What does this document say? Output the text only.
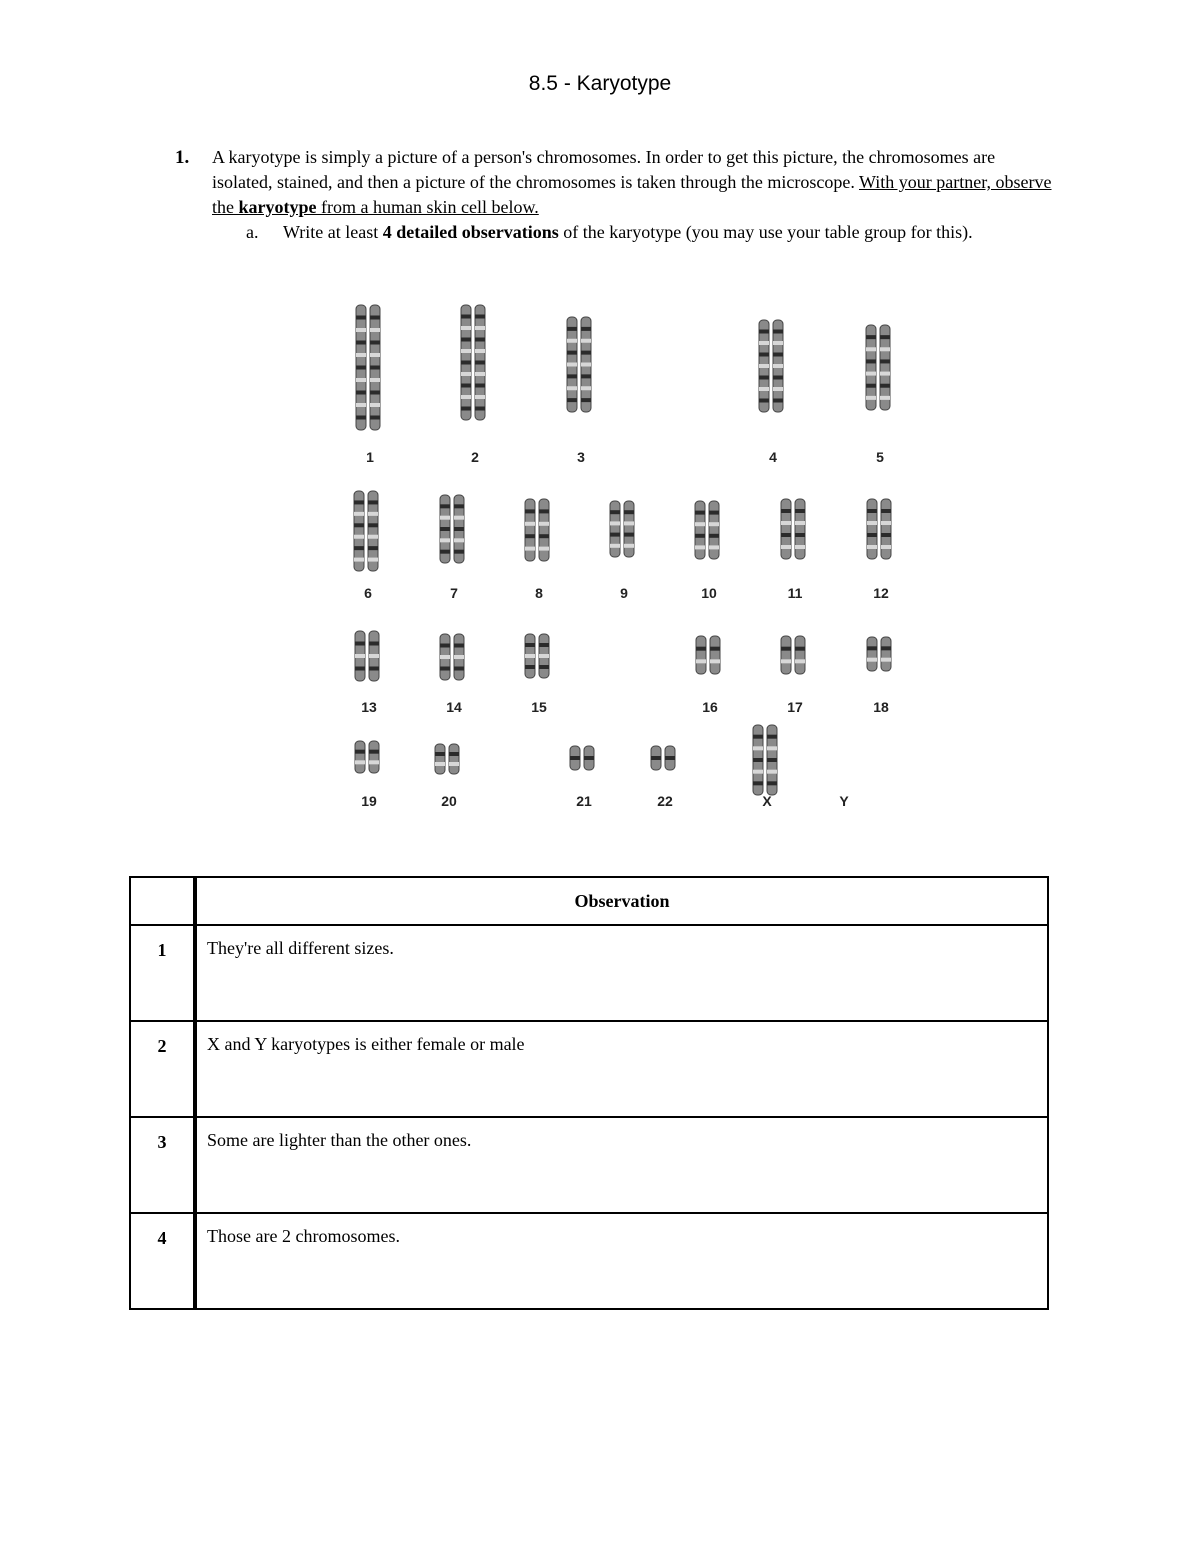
8.5 - Karyotype
1. A karyotype is simply a picture of a person's chromosomes. In order to get this picture, the chromosomes are isolated, stained, and then a picture of the chromosomes is taken through the microscope. With your partner, observe the karyotype from a human skin cell below.
a. Write at least 4 detailed observations of the karyotype (you may use your table group for this).
1	2	3	4	5
6	7	8	9	10	11	12
13	14	15	16	17	18
19	20	21	22	X	Y
	Observation
1	They're all different sizes.
2	X and Y karyotypes is either female or male
3	Some are lighter than the other ones.
4	Those are 2 chromosomes.
